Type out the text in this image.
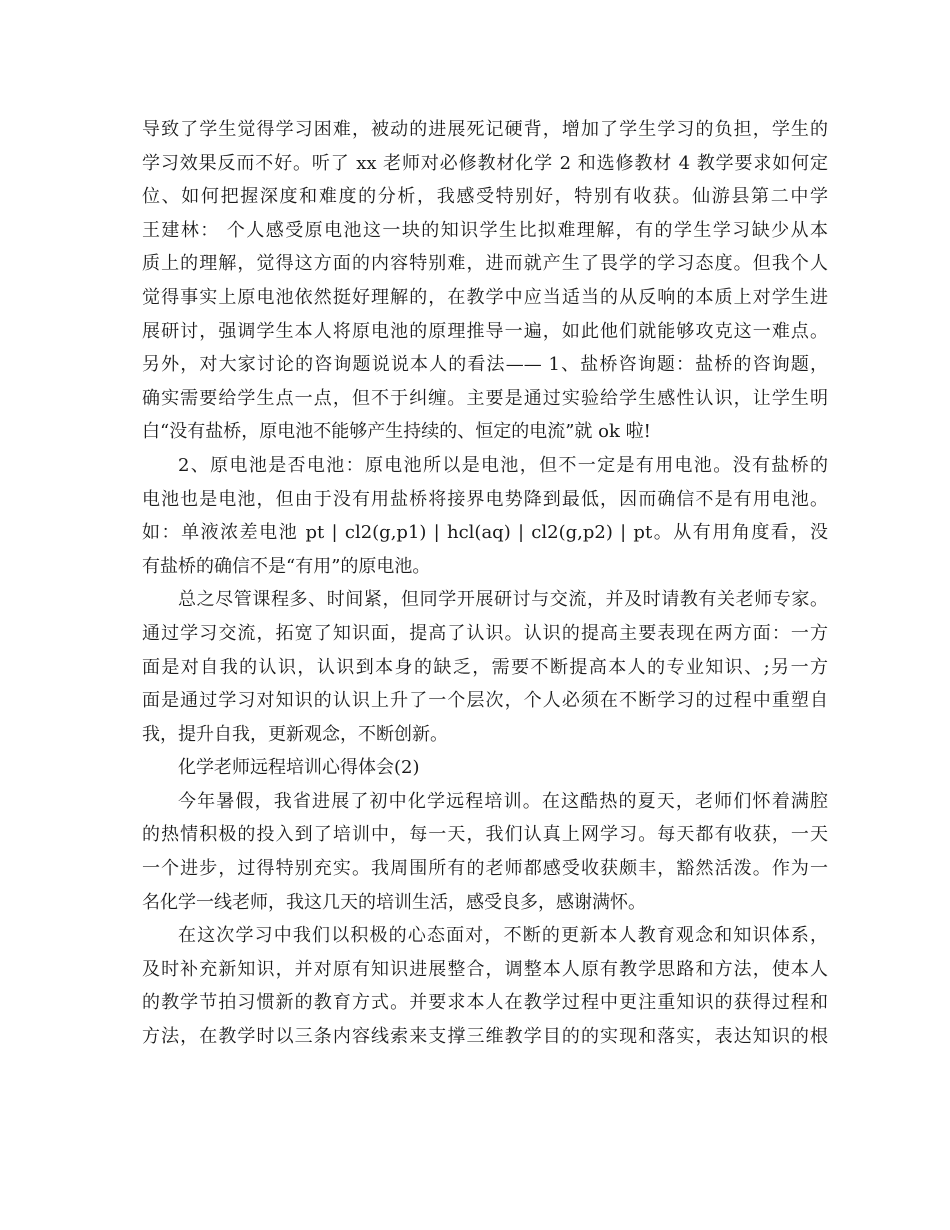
导致了学生觉得学习困难，被动的进展死记硬背，增加了学生学习的负担，学生的
学习效果反而不好。听了 xx 老师对必修教材化学 2 和选修教材 4 教学要求如何定
位、如何把握深度和难度的分析，我感受特别好，特别有收获。仙游县第二中学
王建林： 个人感受原电池这一块的知识学生比拟难理解，有的学生学习缺少从本
质上的理解，觉得这方面的内容特别难，进而就产生了畏学的学习态度。但我个人
觉得事实上原电池依然挺好理解的，在教学中应当适当的从反响的本质上对学生进
展研讨，强调学生本人将原电池的原理推导一遍，如此他们就能够攻克这一难点。
另外，对大家讨论的咨询题说说本人的看法—— 1、盐桥咨询题：盐桥的咨询题，
确实需要给学生点一点，但不于纠缠。主要是通过实验给学生感性认识，让学生明
白“没有盐桥，原电池不能够产生持续的、恒定的电流”就 ok 啦!
2、原电池是否电池：原电池所以是电池，但不一定是有用电池。没有盐桥的
电池也是电池，但由于没有用盐桥将接界电势降到最低，因而确信不是有用电池。
如：单液浓差电池 pt | cl2(g,p1) | hcl(aq) | cl2(g,p2) | pt。从有用角度看，没
有盐桥的确信不是“有用”的原电池。
总之尽管课程多、时间紧，但同学开展研讨与交流，并及时请教有关老师专家。
通过学习交流，拓宽了知识面，提高了认识。认识的提高主要表现在两方面：一方
面是对自我的认识，认识到本身的缺乏，需要不断提高本人的专业知识、;另一方
面是通过学习对知识的认识上升了一个层次，个人必须在不断学习的过程中重塑自
我，提升自我，更新观念，不断创新。
化学老师远程培训心得体会(2)
今年暑假，我省进展了初中化学远程培训。在这酷热的夏天，老师们怀着满腔
的热情积极的投入到了培训中，每一天，我们认真上网学习。每天都有收获，一天
一个进步，过得特别充实。我周围所有的老师都感受收获颇丰，豁然活泼。作为一
名化学一线老师，我这几天的培训生活，感受良多，感谢满怀。
在这次学习中我们以积极的心态面对，不断的更新本人教育观念和知识体系，
及时补充新知识，并对原有知识进展整合，调整本人原有教学思路和方法，使本人
的教学节拍习惯新的教育方式。并要求本人在教学过程中更注重知识的获得过程和
方法，在教学时以三条内容线索来支撑三维教学目的的实现和落实，表达知识的根
